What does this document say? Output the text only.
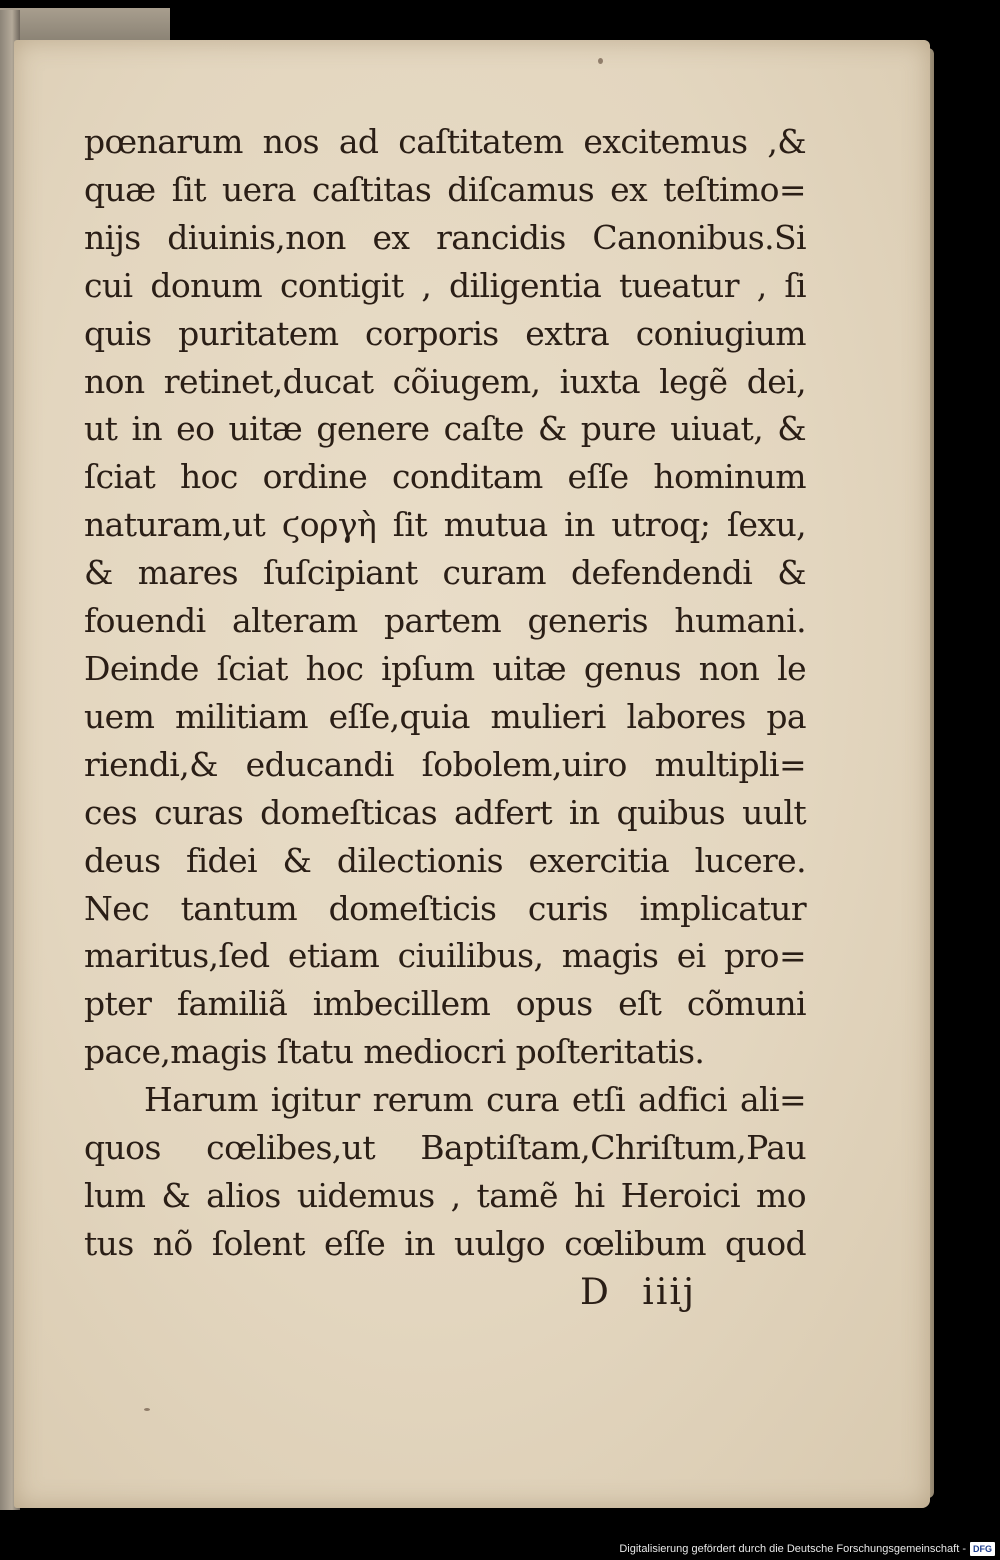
pœnarum nos ad caſtitatem excitemus ,&
quæ ſit uera caſtitas diſcamus ex teſtimo=
nijs diuinis,non ex rancidis Canonibus.Si
cui donum contigit , diligentia tueatur , ſi
quis puritatem corporis extra coniugium
non retinet,ducat cõiugem, iuxta legẽ dei,
ut in eo uitæ genere caſte & pure uiuat, &
ſciat hoc ordine conditam eſſe hominum
naturam,ut ϛοργὴ ſit mutua in utroq; ſexu,
& mares ſuſcipiant curam defendendi &
fouendi alteram partem generis humani.
Deinde ſciat hoc ipſum uitæ genus non le
uem militiam eſſe,quia mulieri labores pa
riendi,& educandi ſobolem,uiro multipli=
ces curas domeſticas adfert in quibus uult
deus fidei & dilectionis exercitia lucere.
Nec tantum domeſticis curis implicatur
maritus,ſed etiam ciuilibus, magis ei pro=
pter familiã imbecillem opus eſt cõmuni
pace,magis ſtatu mediocri poſteritatis.
Harum igitur rerum cura etſi adfici ali=
quos cœlibes,ut Baptiſtam,Chriſtum,Pau
lum & alios uidemus , tamẽ hi Heroici mo
tus nõ ſolent eſſe in uulgo cœlibum quod
D iiij
Digitalisierung gefördert durch die Deutsche Forschungsgemeinschaft - DFG
